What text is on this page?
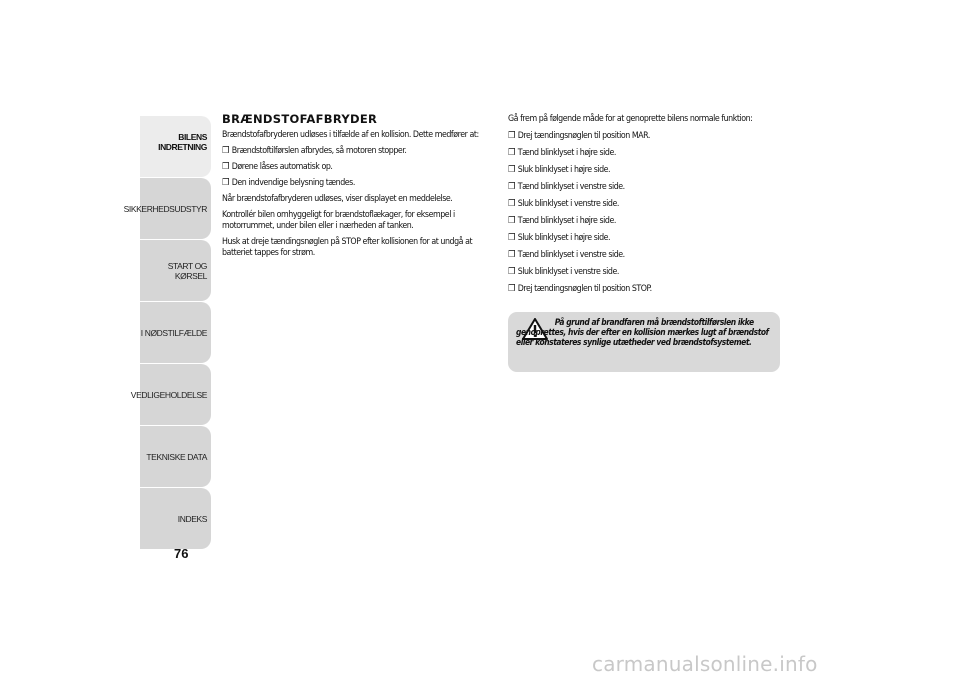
BILENS INDRETNING
SIKKERHEDSUDSTYR
START OG KØRSEL
I NØDSTILFÆLDE
VEDLIGEHOLDELSE
TEKNISKE DATA
INDEKS
76
BRÆNDSTOFAFBRYDER

Brændstofafbryderen udløses i tilfælde af en kollision. Dette medfører at:

❒ Brændstoftilførslen afbrydes, så motoren stopper.

❒ Dørene låses automatisk op.

❒ Den indvendige belysning tændes.

Når brændstofafbryderen udløses, viser displayet en meddelelse.

Kontrollér bilen omhyggeligt for brændstoflækager, for eksempel i motorrummet, under bilen eller i nærheden af tanken.

Husk at dreje tændingsnøglen på STOP efter kollisionen for at undgå at batteriet tappes for strøm.

Gå frem på følgende måde for at genoprette bilens normale funktion:

❒ Drej tændingsnøglen til position MAR.

❒ Tænd blinklyset i højre side.

❒ Sluk blinklyset i højre side.

❒ Tænd blinklyset i venstre side.

❒ Sluk blinklyset i venstre side.

❒ Tænd blinklyset i højre side.

❒ Sluk blinklyset i højre side.

❒ Tænd blinklyset i venstre side.

❒ Sluk blinklyset i venstre side.

❒ Drej tændingsnøglen til position STOP.

På grund af brandfaren må brændstoftilførslen ikke genoprettes, hvis der efter en kollision mærkes lugt af brændstof eller konstateres synlige utætheder ved brændstofsystemet.
carmanualsonline.info
